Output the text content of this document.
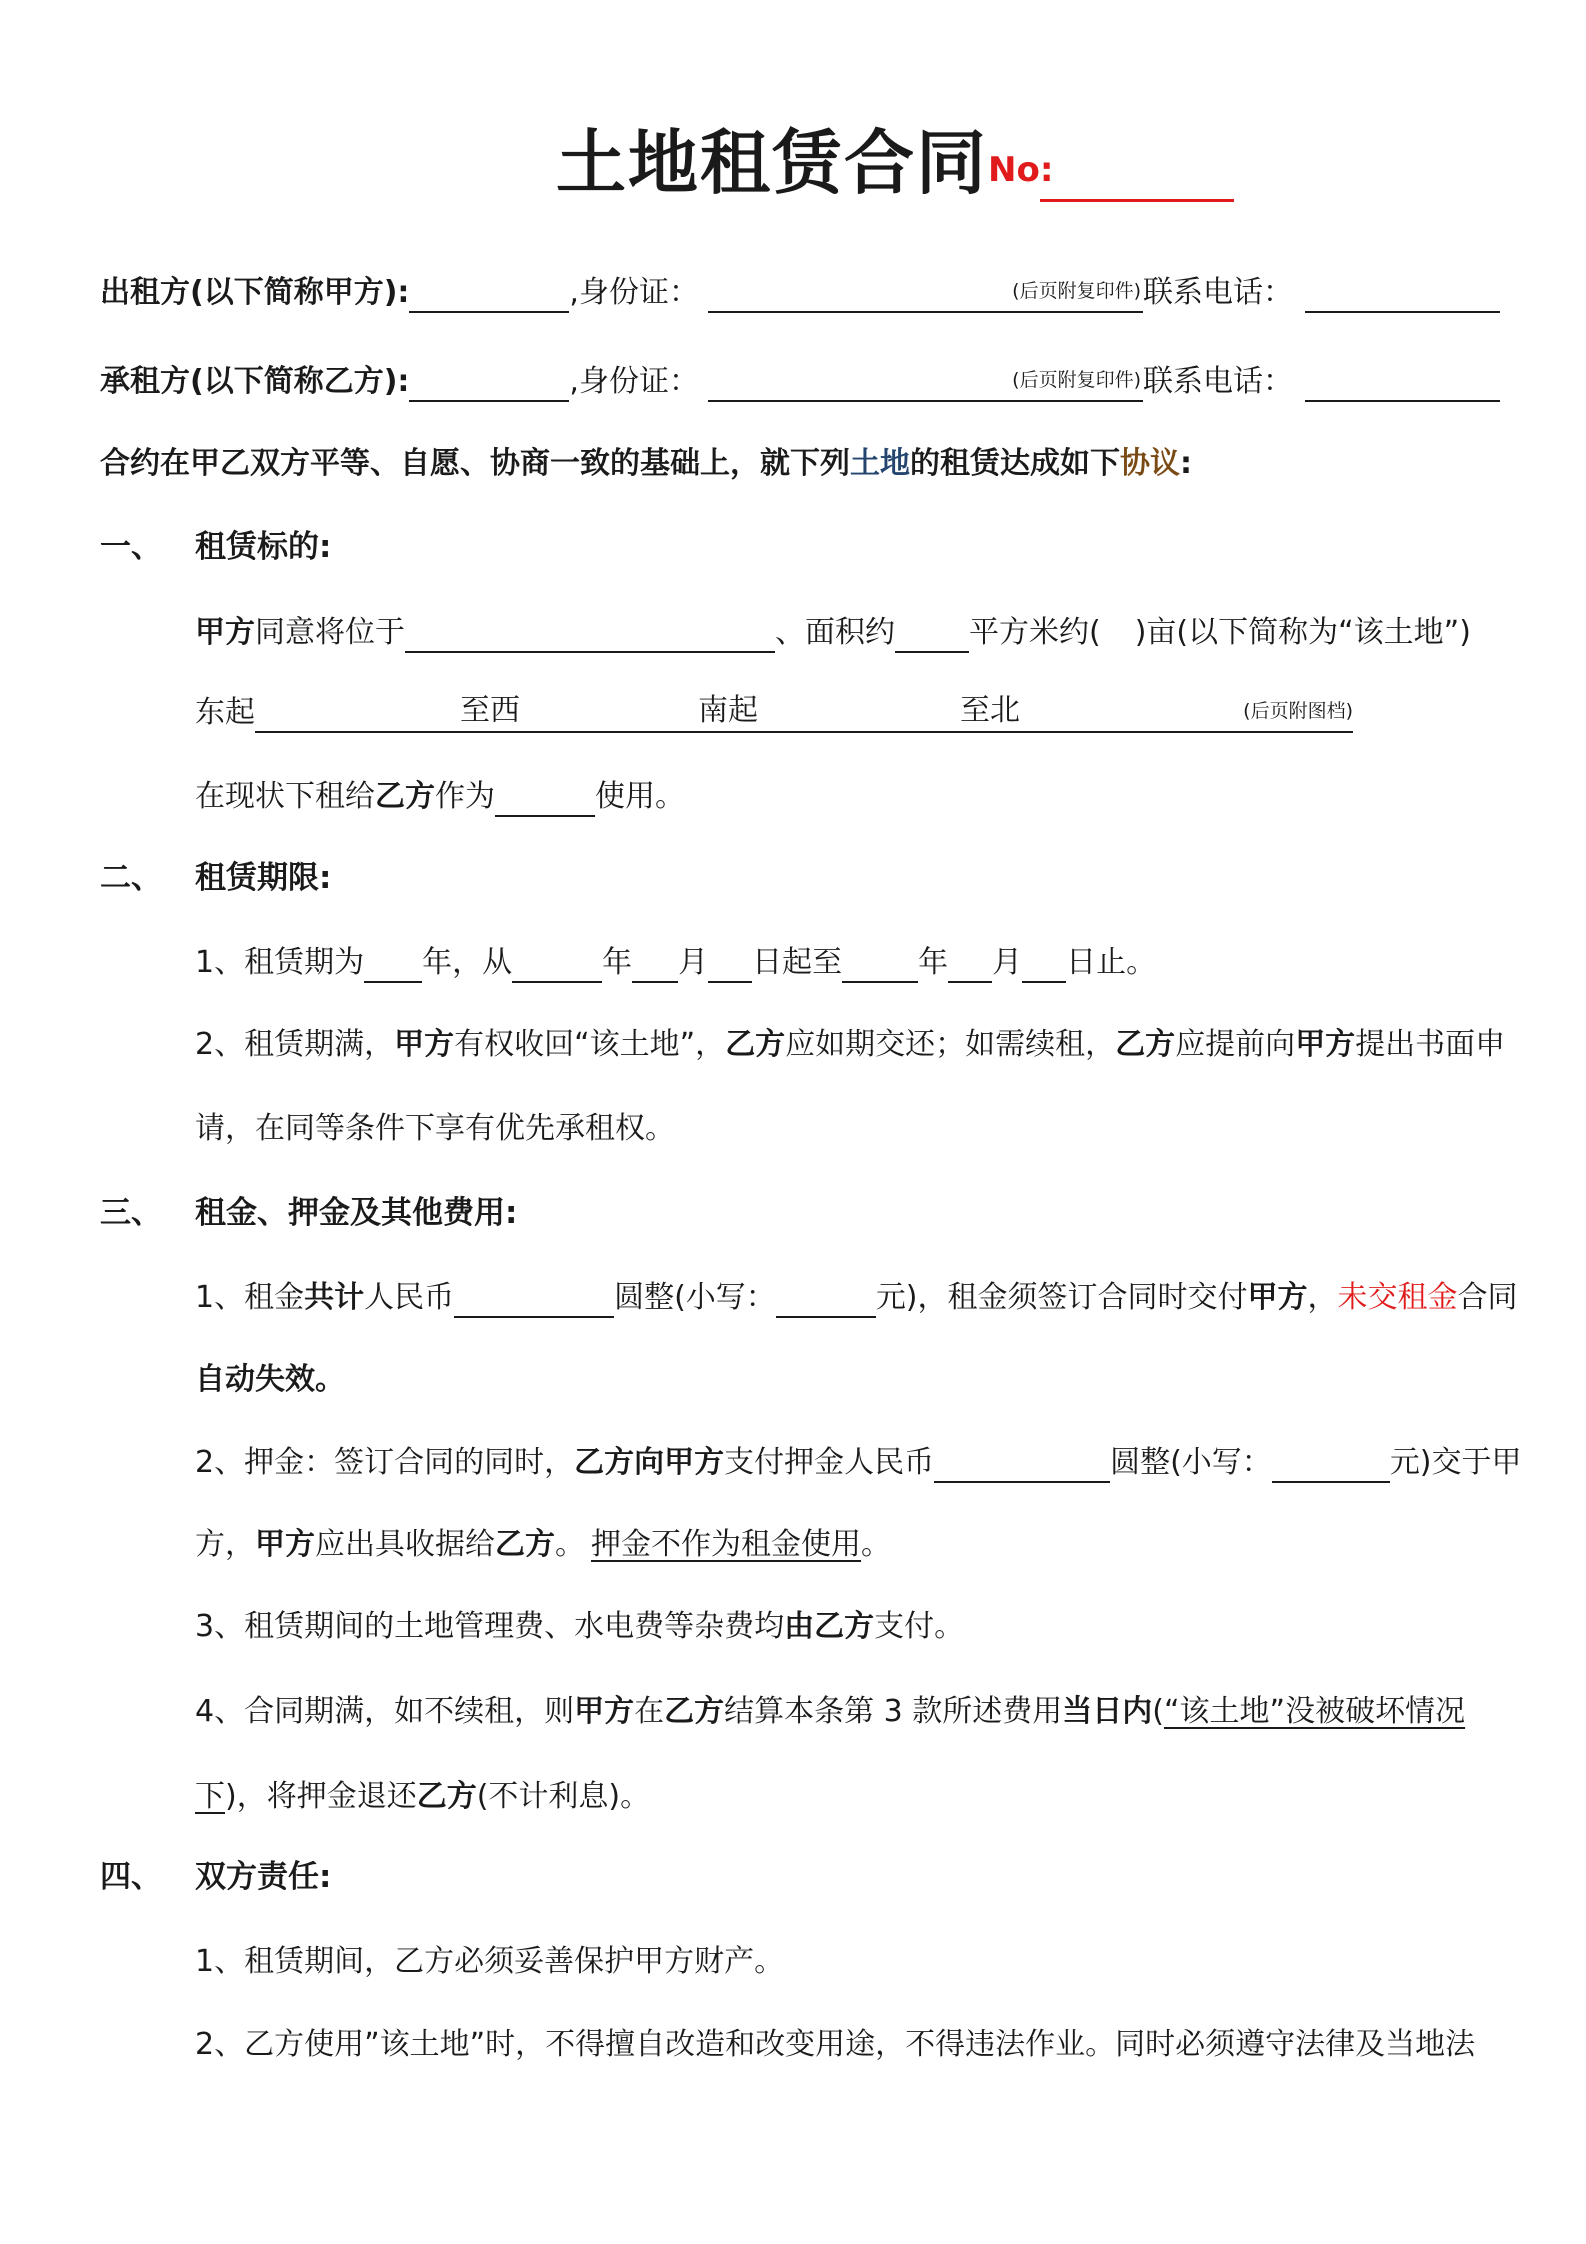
土地租赁合同 No:
出租方(以下简称甲方):	,身份证：	(后页附复印件) 联系电话：
承租方(以下简称乙方):	,身份证：	(后页附复印件) 联系电话：
合约在甲乙双方平等、自愿、协商一致的基础上，就下列土地的租赁达成如下协议:
一、 租赁标的:
甲方同意将位于	、面积约 平方米约( )亩(以下简称为“该土地”)
东起	至西	南起	至北	(后页附图档)
在现状下租给乙方作为	使用。
二、 租赁期限:
1、租赁期为 年，从	年 月 日起至	年 月 日止。
2、租赁期满，甲方有权收回“该土地”，乙方应如期交还；如需续租，乙方应提前向甲方提出书面申
请，在同等条件下享有优先承租权。
三、 租金、押金及其他费用:
1、租金共计人民币	圆整(小写：	元)，租金须签订合同时交付甲方，未交租金合同
自动失效。
2、押金：签订合同的同时，乙方向甲方支付押金人民币	圆整(小写：	元)交于甲
方，甲方应出具收据给乙方。 押金不作为租金使用。
3、租赁期间的土地管理费、水电费等杂费均由乙方支付。
4、合同期满，如不续租，则甲方在乙方结算本条第 3 款所述费用当日内(“该土地”没被破坏情况
下)，将押金退还乙方(不计利息)。
四、 双方责任:
1、租赁期间，乙方必须妥善保护甲方财产。
2、乙方使用”该土地”时，不得擅自改造和改变用途，不得违法作业。同时必须遵守法律及当地法
